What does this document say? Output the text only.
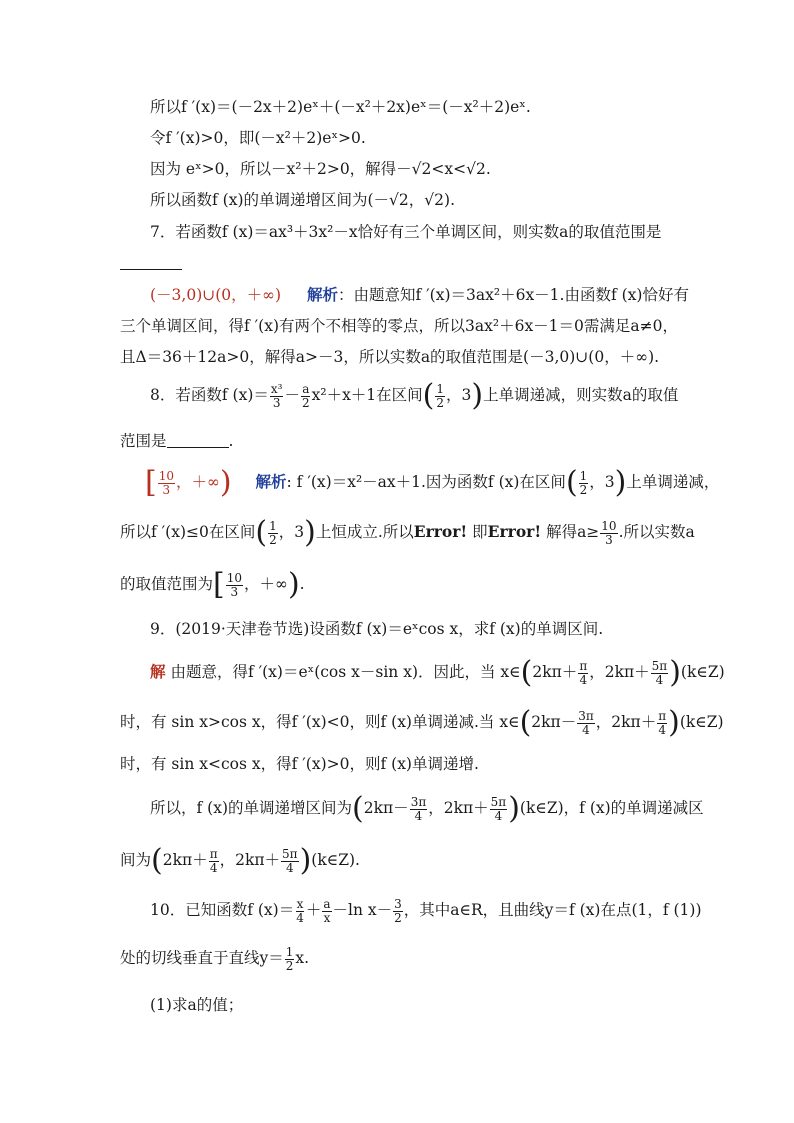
所以f ′(x)＝(－2x＋2)eˣ＋(－x²＋2x)eˣ＝(－x²＋2)eˣ.
令f ′(x)>0，即(－x²＋2)eˣ>0.
因为 eˣ>0，所以－x²＋2>0，解得－√2<x<√2.
所以函数f (x)的单调递增区间为(－√2，√2).
7．若函数f (x)＝ax³＋3x²－x恰好有三个单调区间，则实数a的取值范围是
(－3,0)∪(0，＋∞) 解析：由题意知f ′(x)＝3ax²＋6x－1.由函数f (x)恰好有
三个单调区间，得f ′(x)有两个不相等的零点，所以3ax²＋6x－1＝0需满足a≠0，
且Δ＝36＋12a>0，解得a>－3，所以实数a的取值范围是(－3,0)∪(0，＋∞).
8．若函数f $(x)= \frac{\text{x³}}{3} - \frac{a}{2} x^2+x+1$在区间( $\frac{1}{2}$ ，3)上单调递减，则实数a的取值
范围是	.
[ $\frac{10}{3}$ ，＋∞) 解析: f ′(x)＝x²－ax＋1.因为函数f (x)在区间( $\frac{1}{2}$ ，3)上单调递减，
所以f ′(x)≤0在区间( $\frac{1}{2}$ ，3)上恒成立.所以Error! 即Error! 解得$a\ge \frac{10}{3}$ .所以实数a
的取值范围为[ $\frac{10}{3}$ ，＋∞).
9．(2019·天津卷节选)设函数f (x)＝eˣcos x，求f (x)的单调区间.
解 由题意，得f ′(x)＝eˣ(cos x－sin x)．因此，当 x∈(2kπ＋ $\frac{\pi}{4}$ ，$2k\pi+ \frac{5\pi}{4}$ )(k∈Z)
时，有 sin x>cos x，得f ′(x)<0，则f (x)单调递减.当 x∈(2kπ－ $\frac{3\pi}{4}$ ，$2k\pi+ \frac{\pi}{4}$ )(k∈Z)
时，有 sin x<cos x，得f ′(x)>0，则f (x)单调递增.
所以，f (x)的单调递增区间为($2k\pi- \frac{3\pi}{4}$ ，$2k\pi+ \frac{5\pi}{4}$ )(k∈Z)，f (x)的单调递减区
间为($2k\pi+ \frac{\pi}{4}$ ，$2k\pi+ \frac{5\pi}{4}$ )(k∈Z).
10．已知函数f $(x)= \frac{x}{4} + \frac{a}{x} -\ln$ $x- \frac{3}{2}$ ，其中a∈R，且曲线y＝f (x)在点(1，f (1))
处的切线垂直于直线$y= \frac{1}{2} x$.
(1)求a的值；
